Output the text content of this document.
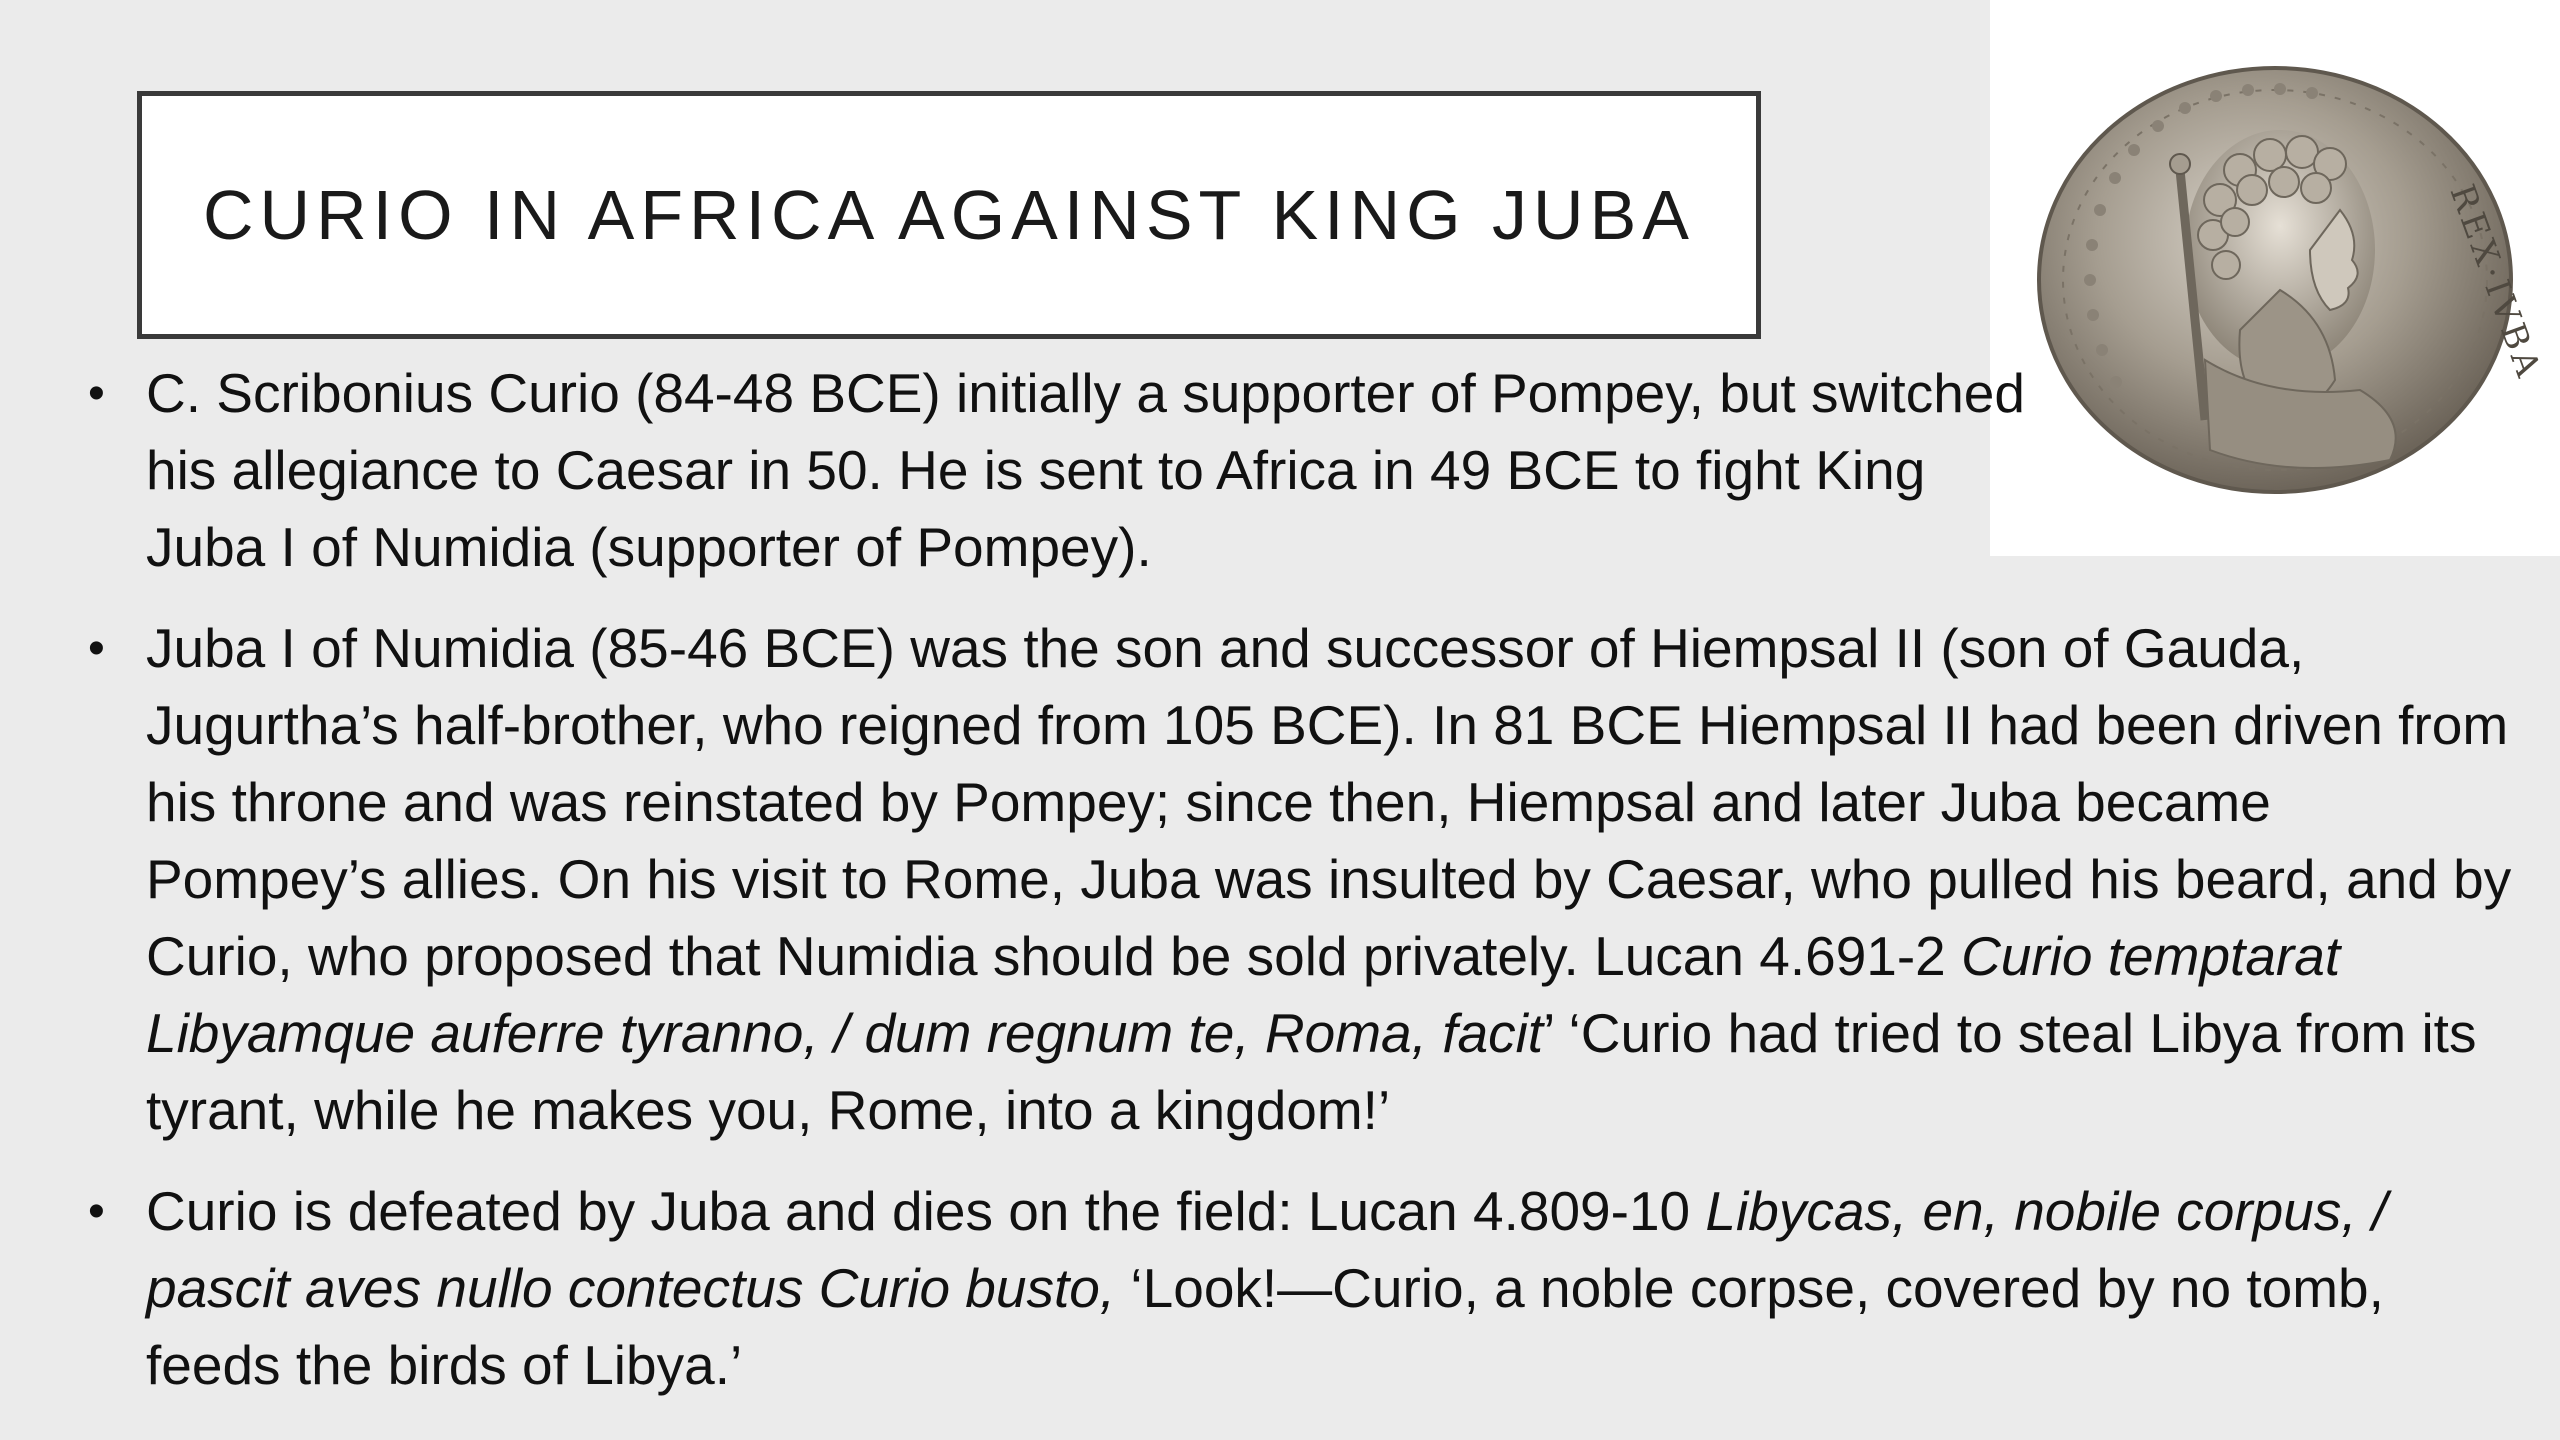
CURIO IN AFRICA AGAINST KING JUBA	REX·IVBA
• C. Scribonius Curio (84-48 BCE) initially a supporter of Pompey, but switched his allegiance to Caesar in 50. He is sent to Africa in 49 BCE to fight King Juba I of Numidia (supporter of Pompey).
• Juba I of Numidia (85-46 BCE) was the son and successor of Hiempsal II (son of Gauda, Jugurtha’s half-brother, who reigned from 105 BCE). In 81 BCE Hiempsal II had been driven from his throne and was reinstated by Pompey; since then, Hiempsal and later Juba became Pompey’s allies. On his visit to Rome, Juba was insulted by Caesar, who pulled his beard, and by Curio, who proposed that Numidia should be sold privately. Lucan 4.691-2 Curio temptarat Libyamque auferre tyranno, / dum regnum te, Roma, facit’ ‘Curio had tried to steal Libya from its tyrant, while he makes you, Rome, into a kingdom!’
• Curio is defeated by Juba and dies on the field: Lucan 4.809-10 Libycas, en, nobile corpus, / pascit aves nullo contectus Curio busto, ‘Look!—Curio, a noble corpse, covered by no tomb, feeds the birds of Libya.’
